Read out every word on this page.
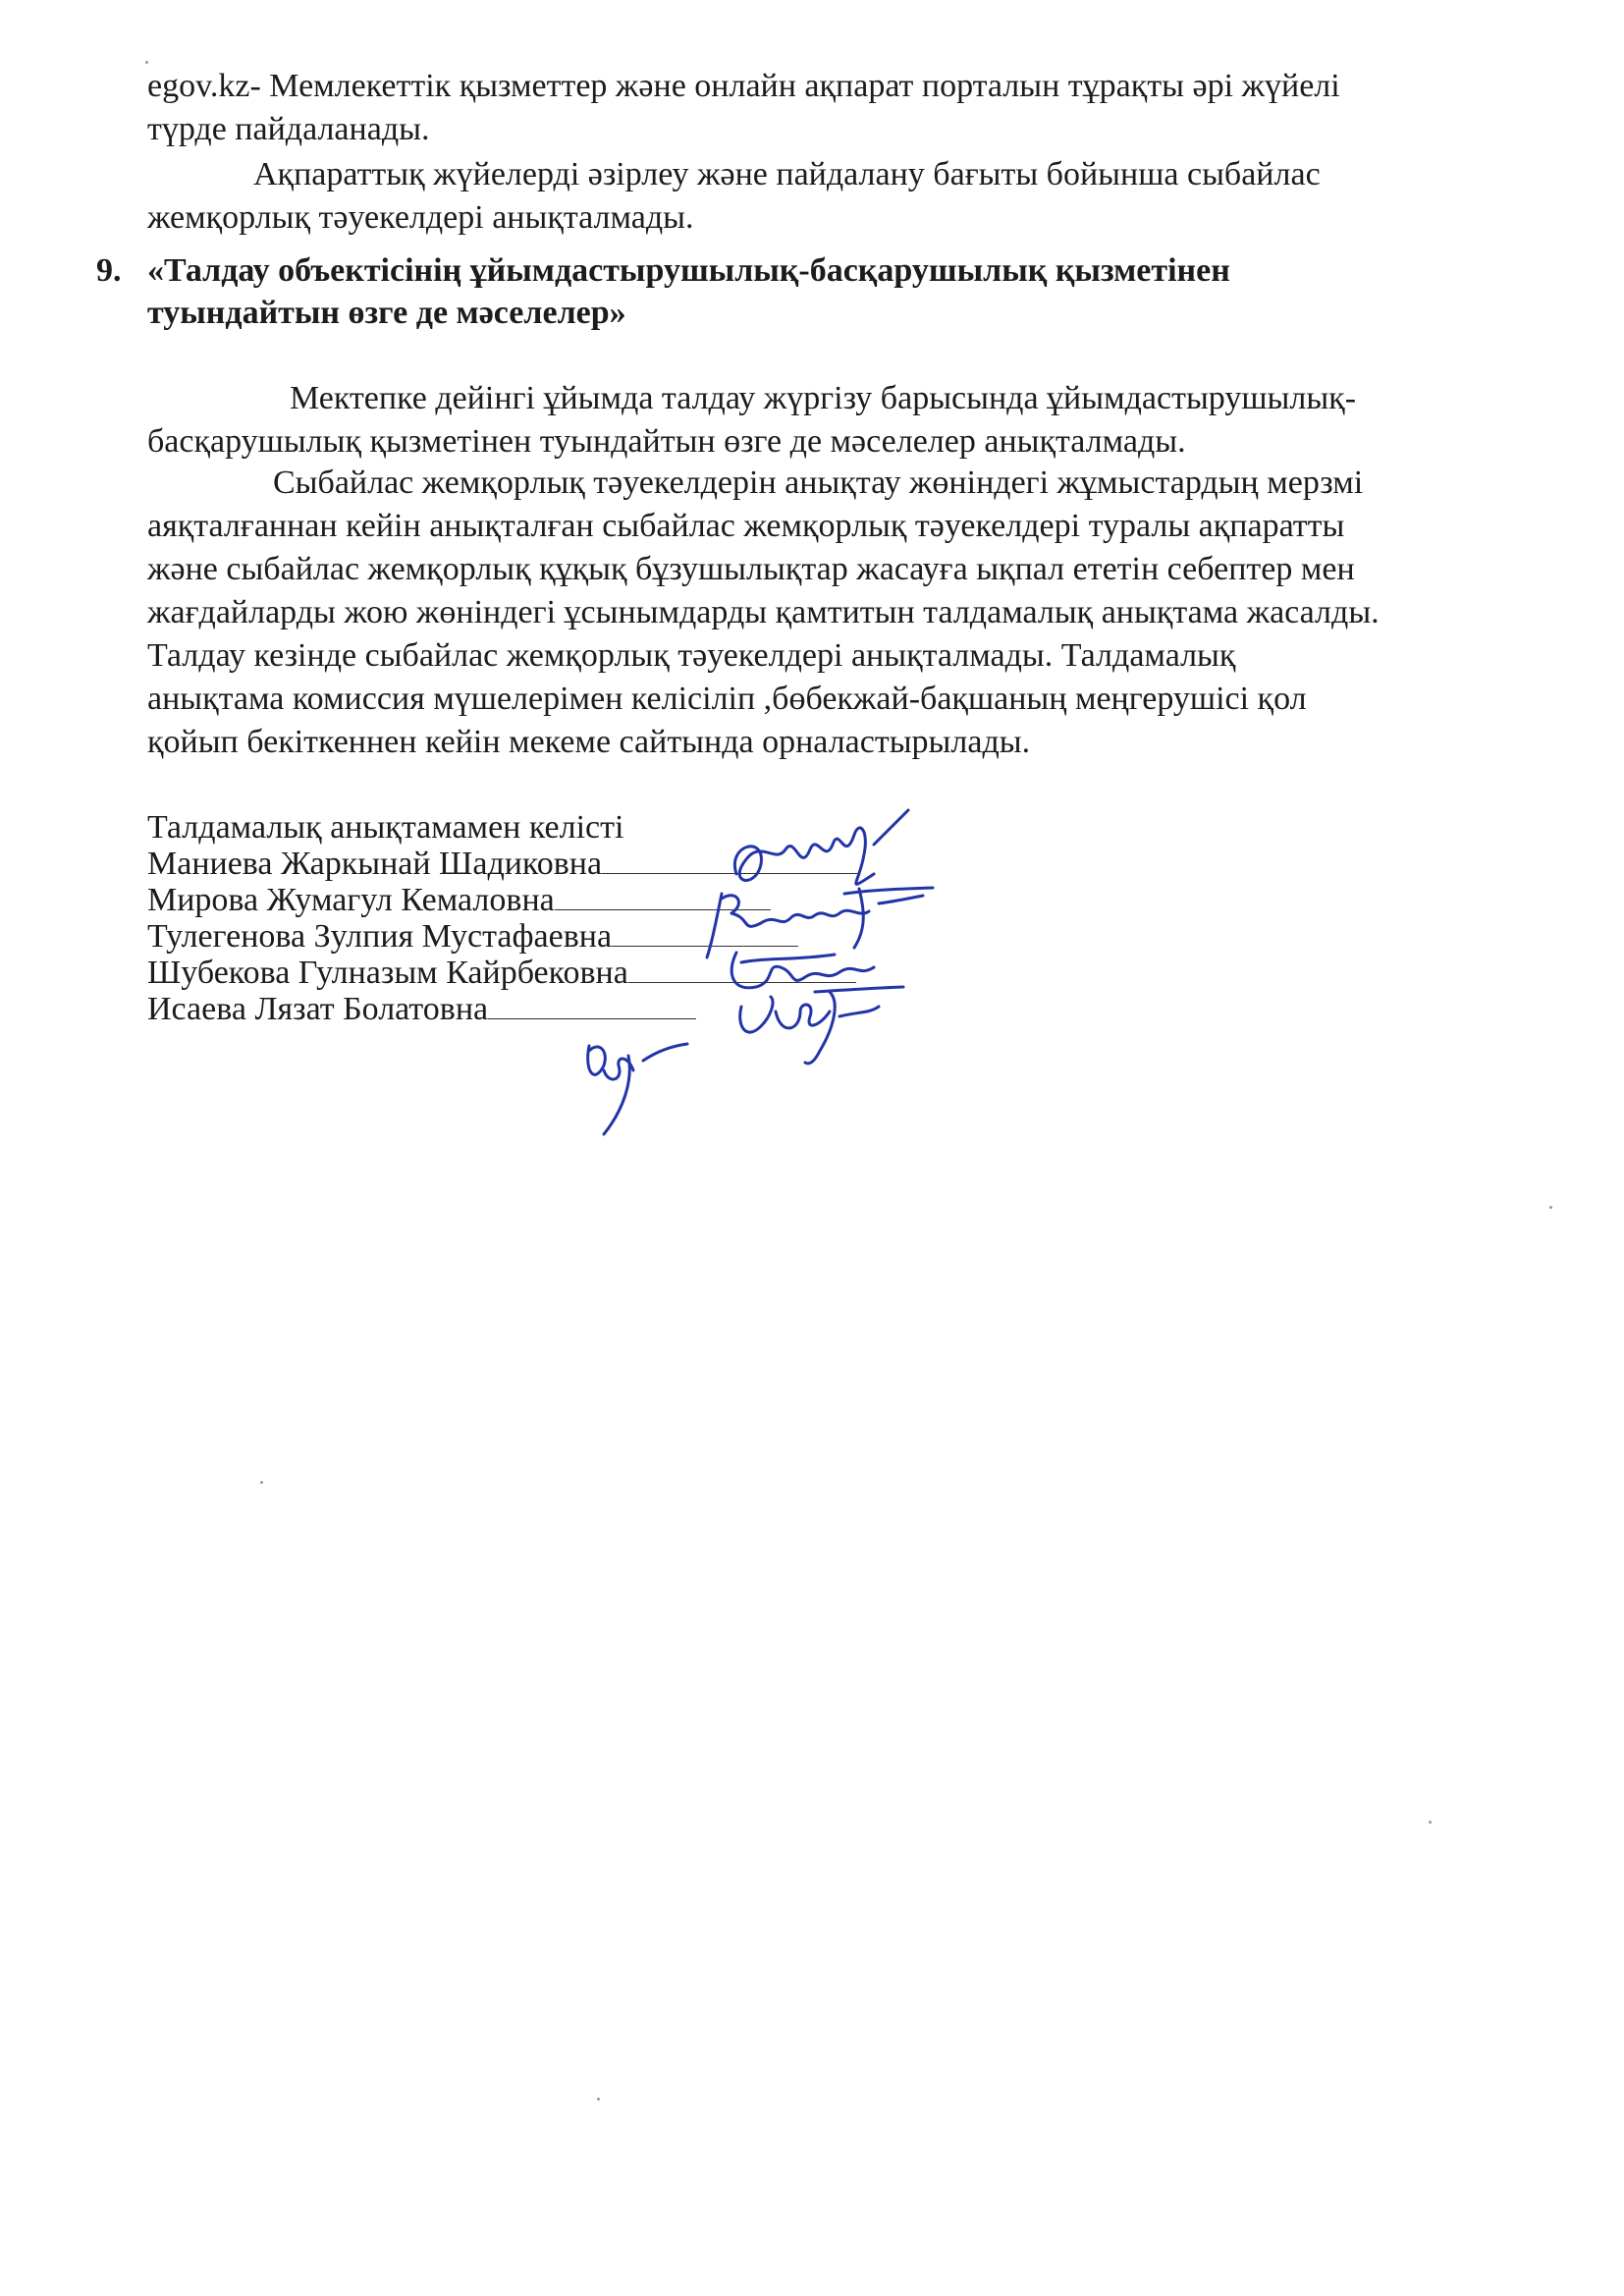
egov.kz- Мемлекеттік қызметтер және онлайн ақпарат порталын тұрақты әрі жүйелі
түрде пайдаланады.
Ақпараттық жүйелерді әзірлеу және пайдалану бағыты бойынша сыбайлас
жемқорлық тәуекелдері анықталмады.
9. «Талдау объектісінің ұйымдастырушылық-басқарушылық қызметінен
туындайтын өзге де мәселелер»
Мектепке дейінгі ұйымда талдау жүргізу барысында ұйымдастырушылық-
басқарушылық қызметінен туындайтын өзге де мәселелер анықталмады.
Сыбайлас жемқорлық тәуекелдерін анықтау жөніндегі жұмыстардың мерзмі
аяқталғаннан кейін анықталған сыбайлас жемқорлық тәуекелдері туралы ақпаратты
және сыбайлас жемқорлық құқық бұзушылықтар жасауға ықпал ететін себептер мен
жағдайларды жою жөніндегі ұсынымдарды қамтитын талдамалық анықтама жасалды.
Талдау кезінде сыбайлас жемқорлық тәуекелдері анықталмады. Талдамалық
анықтама комиссия мүшелерімен келісіліп ,бөбекжай-бақшаның меңгерушісі қол
қойып бекіткеннен кейін мекеме сайтында орналастырылады.
Талдамалық анықтамамен келісті
Маниева Жаркынай Шадиковна
Мирова Жумагул Кемаловна
Тулегенова Зулпия Мустафаевна
Шубекова Гулназым Кайрбековна
Исаева Лязат Болатовна
